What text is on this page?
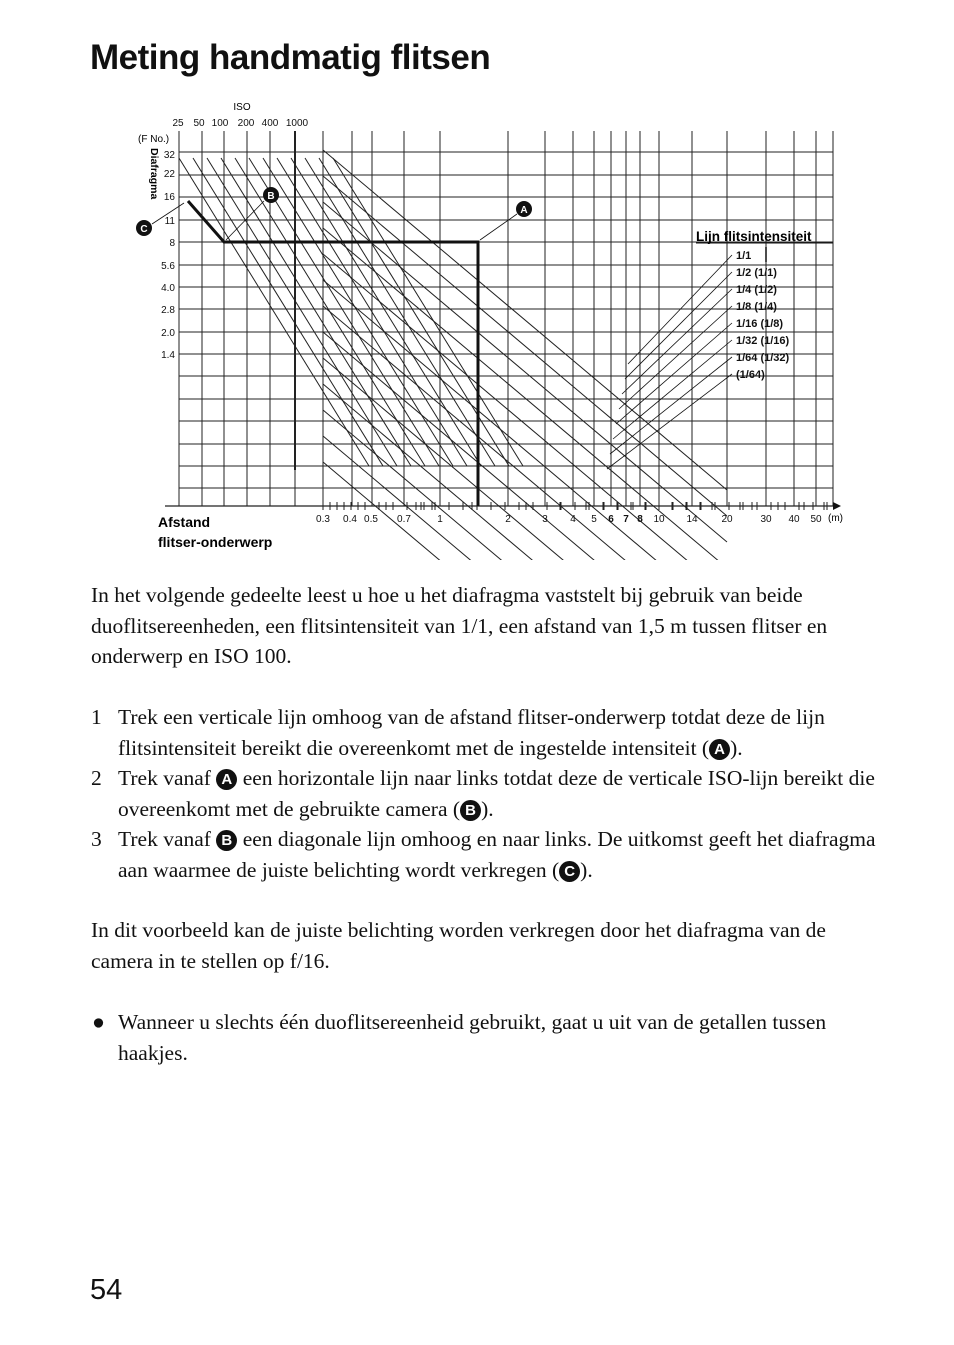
Meting handmatig flitsen
25 50 100 200 400 1000
32
22
16
11
8
5.6
4.0
2.8
2.0
1.4
0.3 0.4 0.5 0.7	1	2	3 4 5 6 7 8 10 14 20	30 40 50
1/1
1/2 (1/1)
1/4 (1/2)
1/8 (1/4)
1/16 (1/8)
1/32 (1/16)
1/64 (1/32)
(1/64)
A
B
C
ISO
(F No.)
Diafragma
Afstand
flitser-onderwerp
(m)
Lijn flitsintensiteit

In het volgende gedeelte leest u hoe u het diafragma vaststelt bij gebruik van beide duoflitsereenheden, een flitsintensiteit van 1/1, een afstand van 1,5 m tussen flitser en onderwerp en ISO 100.

1 Trek een verticale lijn omhoog van de afstand flitser-onderwerp totdat deze de lijn flitsintensiteit bereikt die overeenkomt met de ingestelde intensiteit ( A ).
2 Trek vanaf A een horizontale lijn naar links totdat deze de verticale ISO-lijn bereikt die overeenkomt met de gebruikte camera ( B ).
3 Trek vanaf B een diagonale lijn omhoog en naar links. De uitkomst geeft het diafragma aan waarmee de juiste belichting wordt verkregen ( C ).

In dit voorbeeld kan de juiste belichting worden verkregen door het diafragma van de camera in te stellen op f/16.

● Wanneer u slechts één duoflitsereenheid gebruikt, gaat u uit van de getallen tussen haakjes.
54
